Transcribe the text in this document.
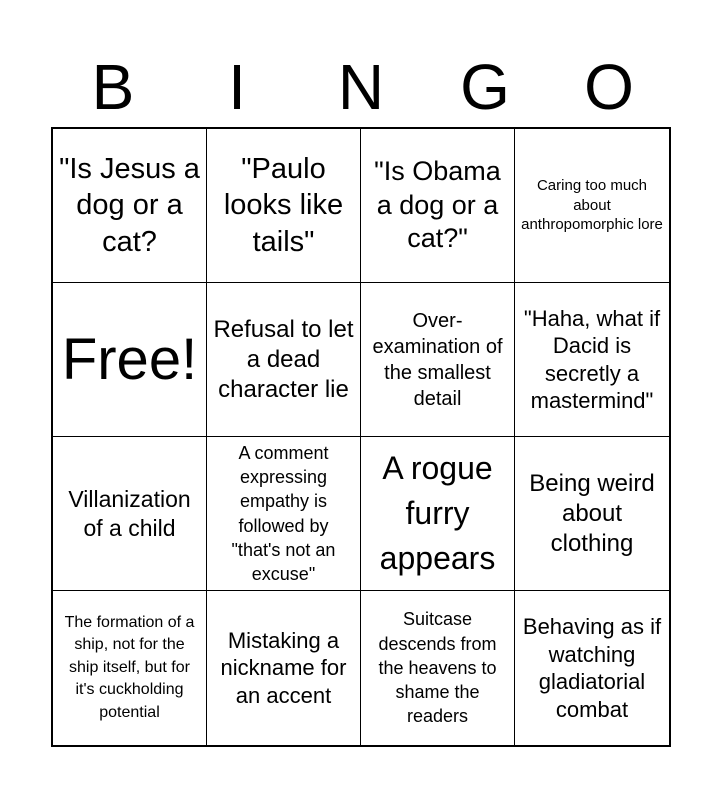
B	I	N	G	O
"Is Jesus a dog or a cat?
"Paulo looks like tails"
"Is Obama a dog or a cat?"
Caring too much about anthropomorphic lore
Free! Refusal to let a dead character lie
Over-examination of the smallest detail
"Haha, what if Dacid is secretly a mastermind"
Villanization of a child
A comment expressing empathy is followed by "that's not an excuse"
A rogue furry appears
Being weird about clothing
The formation of a ship, not for the ship itself, but for it's cuckholding potential
Mistaking a nickname for an accent
Suitcase descends from the heavens to shame the readers
Behaving as if watching gladiatorial combat
